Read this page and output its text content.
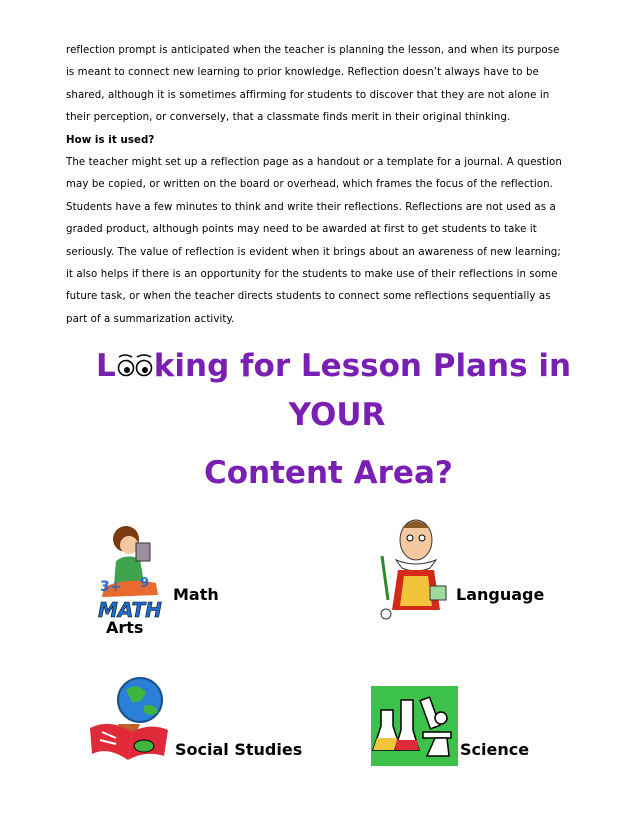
reflection prompt is anticipated when the teacher is planning the lesson, and when its purpose
is meant to connect new learning to prior knowledge. Reflection doesn’t always have to be
shared, although it is sometimes affirming for students to discover that they are not alone in
their perception, or conversely, that a classmate finds merit in their original thinking.
How is it used?
The teacher might set up a reflection page as a handout or a template for a journal. A question
may be copied, or written on the board or overhead, which frames the focus of the reflection.
Students have a few minutes to think and write their reflections. Reflections are not used as a
graded product, although points may need to be awarded at first to get students to take it
seriously. The value of reflection is evident when it brings about an awareness of new learning;
it also helps if there is an opportunity for the students to make use of their reflections in some
future task, or when the teacher directs students to connect some reflections sequentially as
part of a summarization activity.
L king for Lesson Plans in
YOUR
Content Area?
3+ 9
MATH
Math
Arts
Language
Social Studies	Science
